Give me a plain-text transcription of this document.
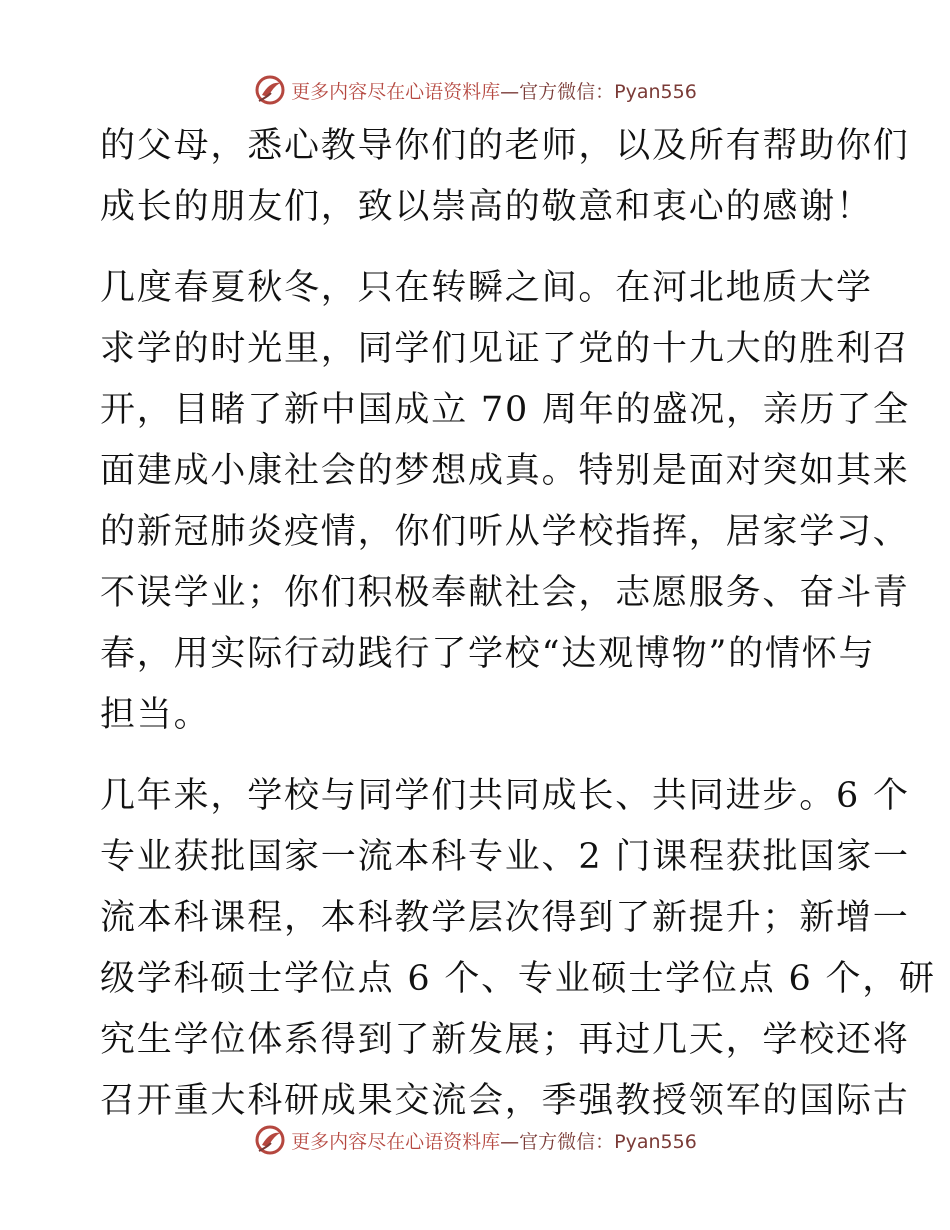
更多内容尽在心语资料库—官方微信：Pyan556
的父母，悉心教导你们的老师，以及所有帮助你们
成长的朋友们，致以崇高的敬意和衷心的感谢！
几度春夏秋冬，只在转瞬之间。在河北地质大学
求学的时光里，同学们见证了党的十九大的胜利召
开，目睹了新中国成立 70 周年的盛况，亲历了全
面建成小康社会的梦想成真。特别是面对突如其来
的新冠肺炎疫情，你们听从学校指挥，居家学习、
不误学业；你们积极奉献社会，志愿服务、奋斗青
春，用实际行动践行了学校“达观博物”的情怀与
担当。
几年来，学校与同学们共同成长、共同进步。6 个
专业获批国家一流本科专业、2 门课程获批国家一
流本科课程，本科教学层次得到了新提升；新增一
级学科硕士学位点 6 个、专业硕士学位点 6 个，研
究生学位体系得到了新发展；再过几天，学校还将
召开重大科研成果交流会，季强教授领军的国际古
更多内容尽在心语资料库—官方微信：Pyan556
